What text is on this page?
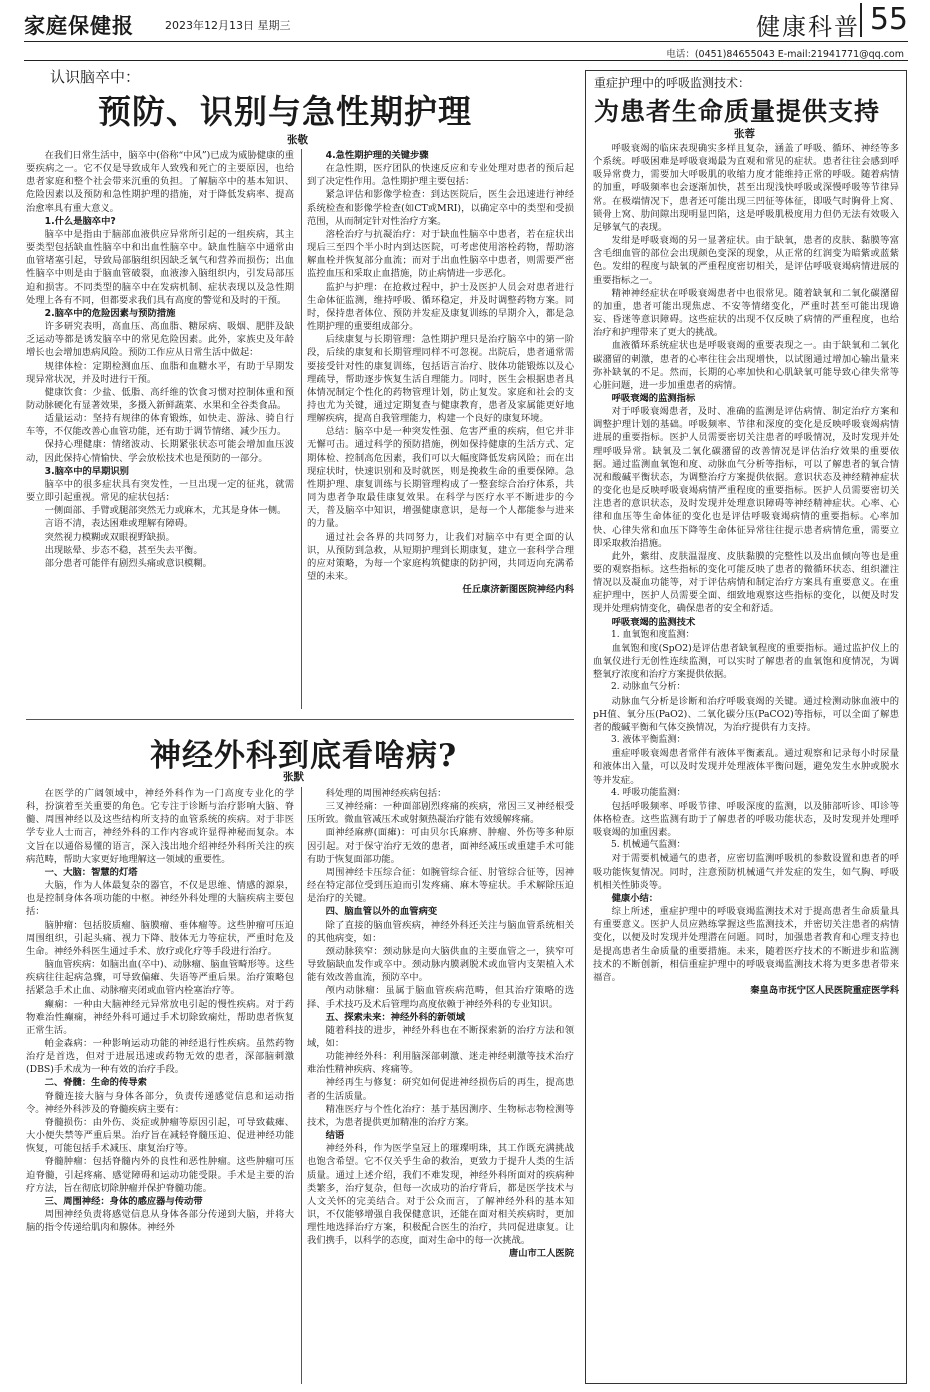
家庭保健报	2023年12月13日 星期三	健康科普 55
电话：(0451)84655043 E-mail:21941771@qq.com
认识脑卒中：
预防、识别与急性期护理
张敬

在我们日常生活中，脑卒中(俗称“中风”)已成为威胁健康的重要疾病之一。它不仅是导致成年人致残和死亡的主要原因，也给患者家庭和整个社会带来沉重的负担。了解脑卒中的基本知识、危险因素以及预防和急性期护理的措施，对于降低发病率、提高治愈率具有重大意义。

1.什么是脑卒中?

脑卒中是指由于脑部血液供应异常所引起的一组疾病，其主要类型包括缺血性脑卒中和出血性脑卒中。缺血性脑卒中通常由血管堵塞引起，导致局部脑组织因缺乏氧气和营养而损伤；出血性脑卒中则是由于脑血管破裂，血液渗入脑组织内，引发局部压迫和损害。不同类型的脑卒中在发病机制、症状表现以及急性期处理上各有不同，但都要求我们具有高度的警觉和及时的干预。

2.脑卒中的危险因素与预防措施

许多研究表明，高血压、高血脂、糖尿病、吸烟、肥胖及缺乏运动等都是诱发脑卒中的常见危险因素。此外，家族史及年龄增长也会增加患病风险。预防工作应从日常生活中做起：

规律体检：定期检测血压、血脂和血糖水平，有助于早期发现异常状况，并及时进行干预。

健康饮食：少盐、低脂、高纤维的饮食习惯对控制体重和预防动脉硬化有显著效果，多摄入新鲜蔬菜、水果和全谷类食品。

适量运动：坚持有规律的体育锻炼，如快走、游泳、骑自行车等，不仅能改善心血管功能，还有助于调节情绪、减少压力。

保持心理健康：情绪波动、长期紧张状态可能会增加血压波动，因此保持心情愉快、学会放松技术也是预防的一部分。

3.脑卒中的早期识别

脑卒中的很多症状具有突发性，一旦出现一定的征兆，就需要立即引起重视。常见的症状包括：

一侧面部、手臂或腿部突然无力或麻木，尤其是身体一侧。

言语不清，表达困难或理解有障碍。

突然视力模糊或双眼视野缺损。

出现眩晕、步态不稳，甚至失去平衡。

部分患者可能伴有剧烈头痛或意识模糊。

4.急性期护理的关键步骤

在急性期，医疗团队的快速反应和专业处理对患者的预后起到了决定性作用。急性期护理主要包括：

紧急评估和影像学检查：到达医院后，医生会迅速进行神经系统检查和影像学检查(如CT或MRI)，以确定卒中的类型和受损范围，从而制定针对性治疗方案。

溶栓治疗与抗凝治疗：对于缺血性脑卒中患者，若在症状出现后三至四个半小时内到达医院，可考虑使用溶栓药物，帮助溶解血栓并恢复部分血流；而对于出血性脑卒中患者，则需要严密监控血压和采取止血措施，防止病情进一步恶化。

监护与护理：在抢救过程中，护士及医护人员会对患者进行生命体征监测，维持呼吸、循环稳定，并及时调整药物方案。同时，保持患者体位、预防并发症及康复训练的早期介入，都是急性期护理的重要组成部分。

后续康复与长期管理：急性期护理只是治疗脑卒中的第一阶段，后续的康复和长期管理同样不可忽视。出院后，患者通常需要接受针对性的康复训练，包括语言治疗、肢体功能锻炼以及心理疏导，帮助逐步恢复生活自理能力。同时，医生会根据患者具体情况制定个性化的药物管理计划，防止复发。家庭和社会的支持也尤为关键，通过定期复查与健康教育，患者及家属能更好地理解疾病，提高自我管理能力，构建一个良好的康复环境。

总结：脑卒中是一种突发性强、危害严重的疾病，但它并非无懈可击。通过科学的预防措施，例如保持健康的生活方式、定期体检、控制高危因素，我们可以大幅度降低发病风险；而在出现症状时，快速识别和及时就医，则是挽救生命的重要保障。急性期护理、康复训练与长期管理构成了一整套综合治疗体系，共同为患者争取最佳康复效果。在科学与医疗水平不断进步的今天，普及脑卒中知识，增强健康意识，是每一个人都能参与进来的力量。

通过社会各界的共同努力，让我们对脑卒中有更全面的认识，从预防到急救，从短期护理到长期康复，建立一套科学合理的应对策略，为每一个家庭构筑健康的防护网，共同迈向充满希望的未来。

任丘康济新图医院神经内科

神经外科到底看啥病?
张默

在医学的广阔领域中，神经外科作为一门高度专业化的学科，扮演着至关重要的角色。它专注于诊断与治疗影响大脑、脊髓、周围神经以及这些结构所支持的血管系统的疾病。对于非医学专业人士而言，神经外科的工作内容或许显得神秘而复杂。本文旨在以通俗易懂的语言，深入浅出地介绍神经外科所关注的疾病范畴，帮助大家更好地理解这一领域的重要性。

一、大脑：智慧的灯塔

大脑，作为人体最复杂的器官，不仅是思维、情感的源泉，也是控制身体各项功能的中枢。神经外科处理的大脑疾病主要包括：

脑肿瘤：包括胶质瘤、脑膜瘤、垂体瘤等。这些肿瘤可压迫周围组织，引起头痛、视力下降、肢体无力等症状，严重时危及生命。神经外科医生通过手术、放疗或化疗等手段进行治疗。

脑血管疾病：如脑出血(卒中)、动脉瘤、脑血管畸形等。这些疾病往往起病急骤，可导致偏瘫、失语等严重后果。治疗策略包括紧急手术止血、动脉瘤夹闭或血管内栓塞治疗等。

癫痫：一种由大脑神经元异常放电引起的慢性疾病。对于药物难治性癫痫，神经外科可通过手术切除致痫灶，帮助患者恢复正常生活。

帕金森病：一种影响运动功能的神经退行性疾病。虽然药物治疗是首选，但对于进展迅速或药物无效的患者，深部脑刺激(DBS)手术成为一种有效的治疗手段。

二、脊髓：生命的传导索

脊髓连接大脑与身体各部分，负责传递感觉信息和运动指令。神经外科涉及的脊髓疾病主要有：

脊髓损伤：由外伤、炎症或肿瘤等原因引起，可导致截瘫、大小便失禁等严重后果。治疗旨在减轻脊髓压迫、促进神经功能恢复，可能包括手术减压、康复治疗等。

脊髓肿瘤：包括脊髓内外的良性和恶性肿瘤。这些肿瘤可压迫脊髓，引起疼痛、感觉障碍和运动功能受限。手术是主要的治疗方法，旨在彻底切除肿瘤并保护脊髓功能。

三、周围神经：身体的感应器与传动带

周围神经负责将感觉信息从身体各部分传递到大脑，并将大脑的指令传递给肌肉和腺体。神经外

科处理的周围神经疾病包括：

三叉神经痛：一种面部剧烈疼痛的疾病，常因三叉神经根受压所致。微血管减压术或射频热凝治疗能有效缓解疼痛。

面神经麻痹(面瘫)：可由贝尔氏麻痹、肿瘤、外伤等多种原因引起。对于保守治疗无效的患者，面神经减压或重建手术可能有助于恢复面部功能。

周围神经卡压综合征：如腕管综合征、肘管综合征等，因神经在特定部位受到压迫而引发疼痛、麻木等症状。手术解除压迫是治疗的关键。

四、脑血管以外的血管病变

除了直接的脑血管疾病，神经外科还关注与脑血管系统相关的其他病变，如：

颈动脉狭窄：颈动脉是向大脑供血的主要血管之一，狭窄可导致脑缺血发作或卒中。颈动脉内膜剥脱术或血管内支架植入术能有效改善血流，预防卒中。

颅内动脉瘤：虽属于脑血管疾病范畴，但其治疗策略的选择、手术技巧及术后管理均高度依赖于神经外科的专业知识。

五、探索未来：神经外科的新领域

随着科技的进步，神经外科也在不断探索新的治疗方法和领域，如：

功能神经外科：利用脑深部刺激、迷走神经刺激等技术治疗难治性精神疾病、疼痛等。

神经再生与修复：研究如何促进神经损伤后的再生，提高患者的生活质量。

精准医疗与个性化治疗：基于基因测序、生物标志物检测等技术，为患者提供更加精准的治疗方案。

结语

神经外科，作为医学皇冠上的璀璨明珠，其工作既充满挑战也饱含希望。它不仅关乎生命的救治，更致力于提升人类的生活质量。通过上述介绍，我们不难发现，神经外科所面对的疾病种类繁多，治疗复杂，但每一次成功的治疗背后，都是医学技术与人文关怀的完美结合。对于公众而言，了解神经外科的基本知识，不仅能够增强自我保健意识，还能在面对相关疾病时，更加理性地选择治疗方案，积极配合医生的治疗，共同促进康复。让我们携手，以科学的态度，面对生命中的每一次挑战。

唐山市工人医院

重症护理中的呼吸监测技术：
为患者生命质量提供支持
张蓉

呼吸衰竭的临床表现确实多样且复杂，涵盖了呼吸、循环、神经等多个系统。呼吸困难是呼吸衰竭最为直观和常见的症状。患者往往会感到呼吸异常费力，需要加大呼吸肌的收缩力度才能维持正常的呼吸。随着病情的加重，呼吸频率也会逐渐加快，甚至出现浅快呼吸或深慢呼吸等节律异常。在极端情况下，患者还可能出现三凹征等体征，即吸气时胸骨上窝、锁骨上窝、肋间隙出现明显凹陷，这是呼吸肌极度用力但仍无法有效吸入足够氧气的表现。

发绀是呼吸衰竭的另一显著症状。由于缺氧，患者的皮肤、黏膜等富含毛细血管的部位会出现颜色变深的现象，从正常的红润变为暗紫或蓝紫色。发绀的程度与缺氧的严重程度密切相关，是评估呼吸衰竭病情进展的重要指标之一。

精神神经症状在呼吸衰竭患者中也很常见。随着缺氧和二氧化碳潴留的加重，患者可能出现焦虑、不安等情绪变化，严重时甚至可能出现谵妄、昏迷等意识障碍。这些症状的出现不仅反映了病情的严重程度，也给治疗和护理带来了更大的挑战。

血液循环系统症状也是呼吸衰竭的重要表现之一。由于缺氧和二氧化碳潴留的刺激，患者的心率往往会出现增快，以试图通过增加心输出量来弥补缺氧的不足。然而，长期的心率加快和心肌缺氧可能导致心律失常等心脏问题，进一步加重患者的病情。

呼吸衰竭的监测指标

对于呼吸衰竭患者，及时、准确的监测是评估病情、制定治疗方案和调整护理计划的基础。呼吸频率、节律和深度的变化是反映呼吸衰竭病情进展的重要指标。医护人员需要密切关注患者的呼吸情况，及时发现并处理呼吸异常。缺氧及二氧化碳潴留的改善情况是评估治疗效果的重要依据。通过监测血氧饱和度、动脉血气分析等指标，可以了解患者的氧合情况和酸碱平衡状态，为调整治疗方案提供依据。意识状态及神经精神症状的变化也是反映呼吸衰竭病情严重程度的重要指标。医护人员需要密切关注患者的意识状态，及时发现并处理意识障碍等神经精神症状。心率、心律和血压等生命体征的变化也是评估呼吸衰竭病情的重要指标。心率加快、心律失常和血压下降等生命体征异常往往提示患者病情危重，需要立即采取救治措施。

此外，紫绀、皮肤温湿度、皮肤黏膜的完整性以及出血倾向等也是重要的观察指标。这些指标的变化可能反映了患者的微循环状态、组织灌注情况以及凝血功能等，对于评估病情和制定治疗方案具有重要意义。在重症护理中，医护人员需要全面、细致地观察这些指标的变化，以便及时发现并处理病情变化，确保患者的安全和舒适。

呼吸衰竭的监测技术

1. 血氧饱和度监测：

血氧饱和度(SpO2)是评估患者缺氧程度的重要指标。通过监护仪上的血氧仪进行无创性连续监测，可以实时了解患者的血氧饱和度情况，为调整氧疗浓度和治疗方案提供依据。

2. 动脉血气分析：

动脉血气分析是诊断和治疗呼吸衰竭的关键。通过检测动脉血液中的pH值、氧分压(PaO2)、二氧化碳分压(PaCO2)等指标，可以全面了解患者的酸碱平衡和气体交换情况，为治疗提供有力支持。

3. 液体平衡监测：

重症呼吸衰竭患者常伴有液体平衡紊乱。通过观察和记录每小时尿量和液体出入量，可以及时发现并处理液体平衡问题，避免发生水肿或脱水等并发症。

4. 呼吸功能监测：

包括呼吸频率、呼吸节律、呼吸深度的监测，以及肺部听诊、叩诊等体格检查。这些监测有助于了解患者的呼吸功能状态，及时发现并处理呼吸衰竭的加重因素。

5. 机械通气监测：

对于需要机械通气的患者，应密切监测呼吸机的参数设置和患者的呼吸功能恢复情况。同时，注意预防机械通气并发症的发生，如气胸、呼吸机相关性肺炎等。

健康小结：

综上所述，重症护理中的呼吸衰竭监测技术对于提高患者生命质量具有重要意义。医护人员应熟练掌握这些监测技术，并密切关注患者的病情变化，以便及时发现并处理潜在问题。同时，加强患者教育和心理支持也是提高患者生命质量的重要措施。未来，随着医疗技术的不断进步和监测技术的不断创新，相信重症护理中的呼吸衰竭监测技术将为更多患者带来福音。

秦皇岛市抚宁区人民医院重症医学科
